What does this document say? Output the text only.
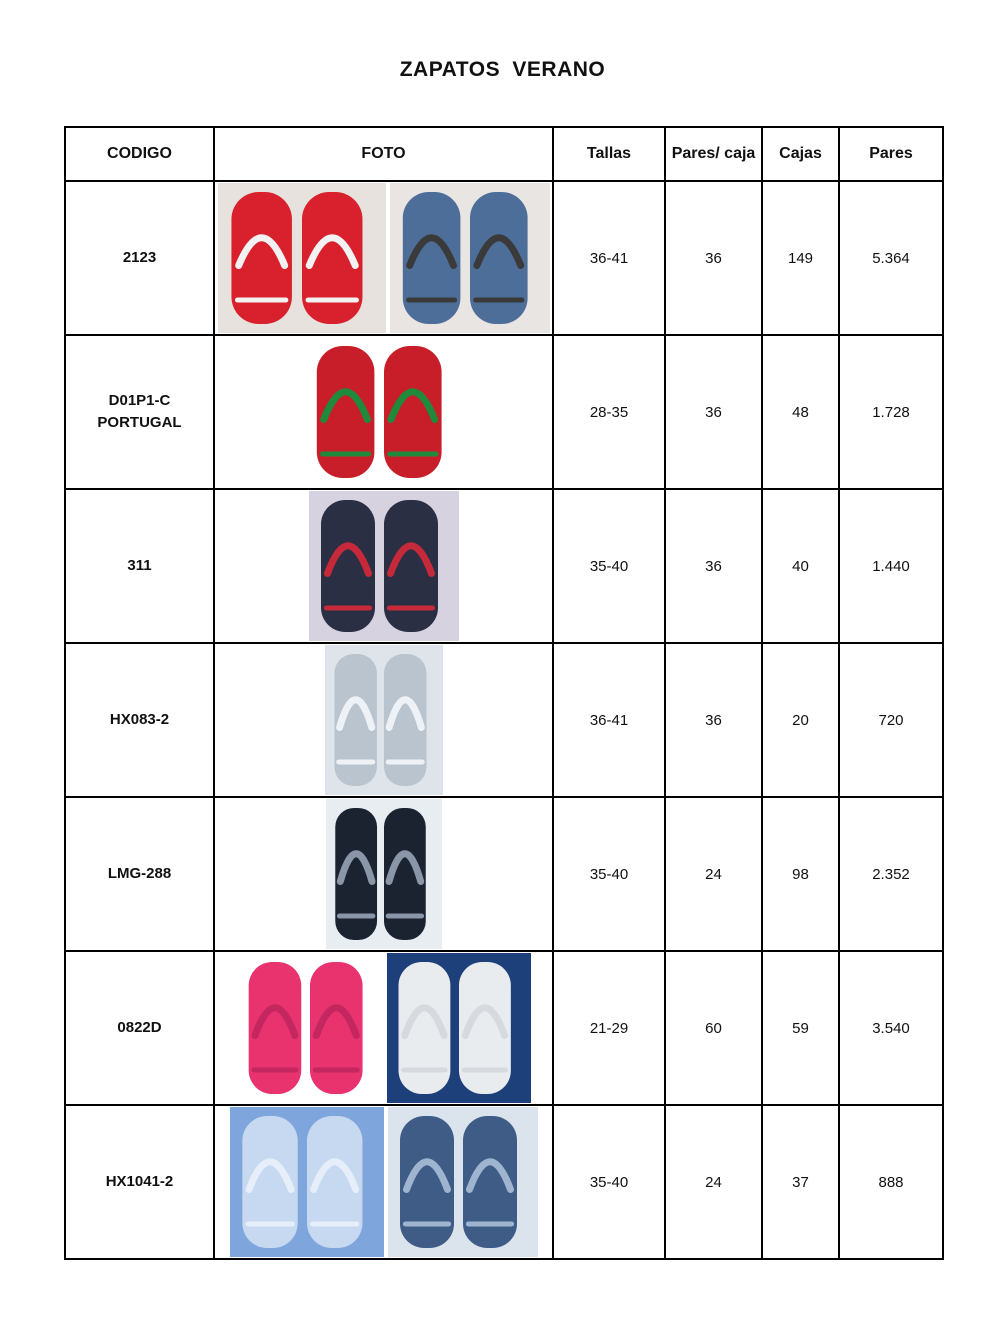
ZAPATOS VERANO
CODIGO	FOTO	Tallas	Pares/ caja	Cajas	Pares
2123		36-41	36	149	5.364
D01P1-C PORTUGAL		28-35	36	48	1.728
311		35-40	36	40	1.440
HX083-2		36-41	36	20	720
LMG-288		35-40	24	98	2.352
0822D		21-29	60	59	3.540
HX1041-2		35-40	24	37	888
